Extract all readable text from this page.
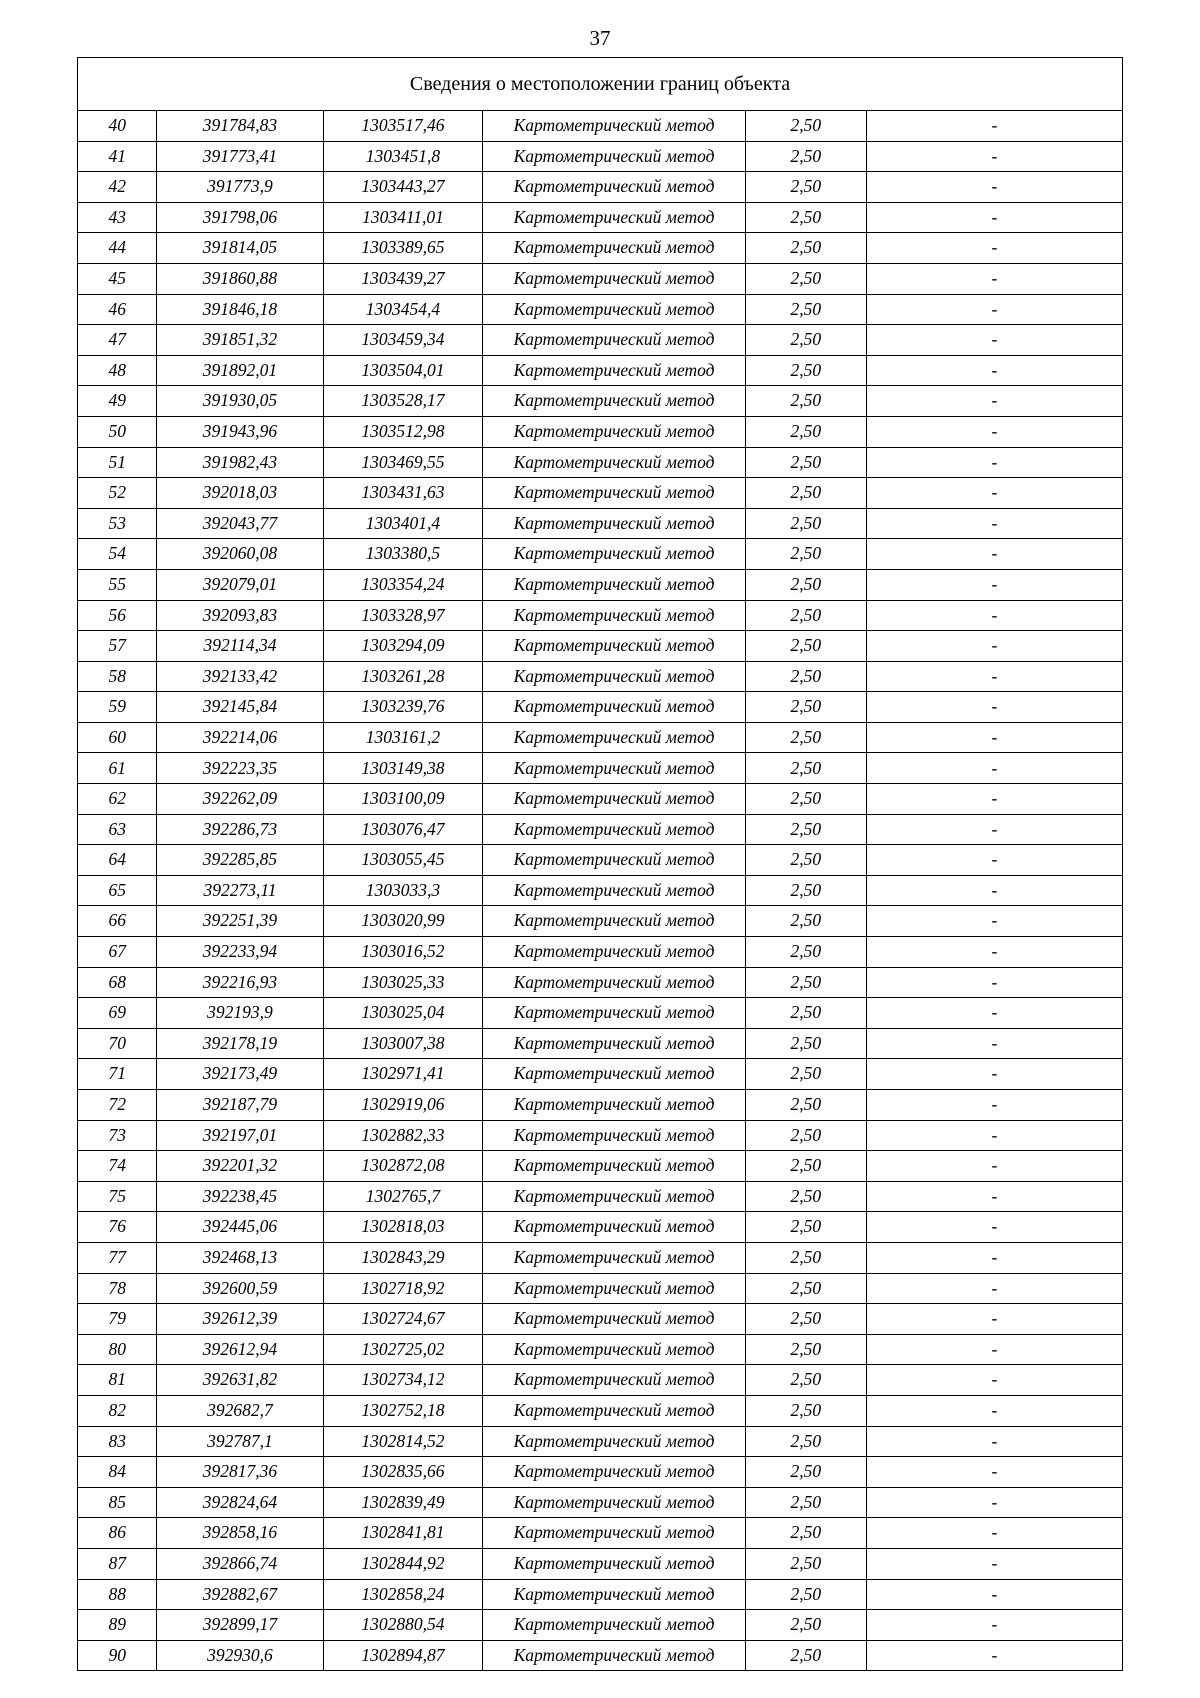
37
Сведения о местоположении границ объекта					
40	391784,83	1303517,46	Картометрический метод	2,50	-
41	391773,41	1303451,8	Картометрический метод	2,50	-
42	391773,9	1303443,27	Картометрический метод	2,50	-
43	391798,06	1303411,01	Картометрический метод	2,50	-
44	391814,05	1303389,65	Картометрический метод	2,50	-
45	391860,88	1303439,27	Картометрический метод	2,50	-
46	391846,18	1303454,4	Картометрический метод	2,50	-
47	391851,32	1303459,34	Картометрический метод	2,50	-
48	391892,01	1303504,01	Картометрический метод	2,50	-
49	391930,05	1303528,17	Картометрический метод	2,50	-
50	391943,96	1303512,98	Картометрический метод	2,50	-
51	391982,43	1303469,55	Картометрический метод	2,50	-
52	392018,03	1303431,63	Картометрический метод	2,50	-
53	392043,77	1303401,4	Картометрический метод	2,50	-
54	392060,08	1303380,5	Картометрический метод	2,50	-
55	392079,01	1303354,24	Картометрический метод	2,50	-
56	392093,83	1303328,97	Картометрический метод	2,50	-
57	392114,34	1303294,09	Картометрический метод	2,50	-
58	392133,42	1303261,28	Картометрический метод	2,50	-
59	392145,84	1303239,76	Картометрический метод	2,50	-
60	392214,06	1303161,2	Картометрический метод	2,50	-
61	392223,35	1303149,38	Картометрический метод	2,50	-
62	392262,09	1303100,09	Картометрический метод	2,50	-
63	392286,73	1303076,47	Картометрический метод	2,50	-
64	392285,85	1303055,45	Картометрический метод	2,50	-
65	392273,11	1303033,3	Картометрический метод	2,50	-
66	392251,39	1303020,99	Картометрический метод	2,50	-
67	392233,94	1303016,52	Картометрический метод	2,50	-
68	392216,93	1303025,33	Картометрический метод	2,50	-
69	392193,9	1303025,04	Картометрический метод	2,50	-
70	392178,19	1303007,38	Картометрический метод	2,50	-
71	392173,49	1302971,41	Картометрический метод	2,50	-
72	392187,79	1302919,06	Картометрический метод	2,50	-
73	392197,01	1302882,33	Картометрический метод	2,50	-
74	392201,32	1302872,08	Картометрический метод	2,50	-
75	392238,45	1302765,7	Картометрический метод	2,50	-
76	392445,06	1302818,03	Картометрический метод	2,50	-
77	392468,13	1302843,29	Картометрический метод	2,50	-
78	392600,59	1302718,92	Картометрический метод	2,50	-
79	392612,39	1302724,67	Картометрический метод	2,50	-
80	392612,94	1302725,02	Картометрический метод	2,50	-
81	392631,82	1302734,12	Картометрический метод	2,50	-
82	392682,7	1302752,18	Картометрический метод	2,50	-
83	392787,1	1302814,52	Картометрический метод	2,50	-
84	392817,36	1302835,66	Картометрический метод	2,50	-
85	392824,64	1302839,49	Картометрический метод	2,50	-
86	392858,16	1302841,81	Картометрический метод	2,50	-
87	392866,74	1302844,92	Картометрический метод	2,50	-
88	392882,67	1302858,24	Картометрический метод	2,50	-
89	392899,17	1302880,54	Картометрический метод	2,50	-
90	392930,6	1302894,87	Картометрический метод	2,50	-
